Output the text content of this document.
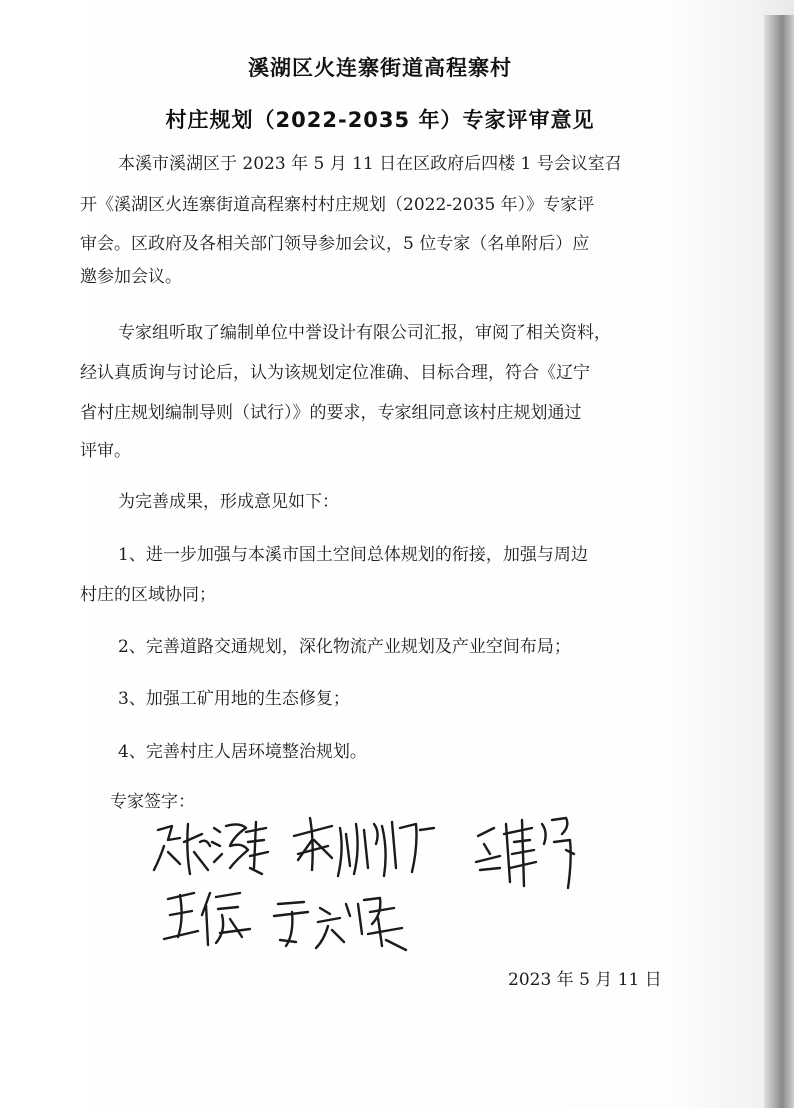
溪湖区火连寨街道高程寨村
村庄规划（2022-2035 年）专家评审意见
本溪市溪湖区于 2023 年 5 月 11 日在区政府后四楼 1 号会议室召
开《溪湖区火连寨街道高程寨村村庄规划（2022-2035 年）》专家评
审会。区政府及各相关部门领导参加会议，5 位专家（名单附后）应
邀参加会议。
专家组听取了编制单位中誉设计有限公司汇报，审阅了相关资料，
经认真质询与讨论后，认为该规划定位准确、目标合理，符合《辽宁
省村庄规划编制导则（试行）》的要求，专家组同意该村庄规划通过
评审。
为完善成果，形成意见如下：
1、进一步加强与本溪市国土空间总体规划的衔接，加强与周边
村庄的区域协同；
2、完善道路交通规划，深化物流产业规划及产业空间布局；
3、加强工矿用地的生态修复；
4、完善村庄人居环境整治规划。
专家签字：
2023 年 5 月 11 日
